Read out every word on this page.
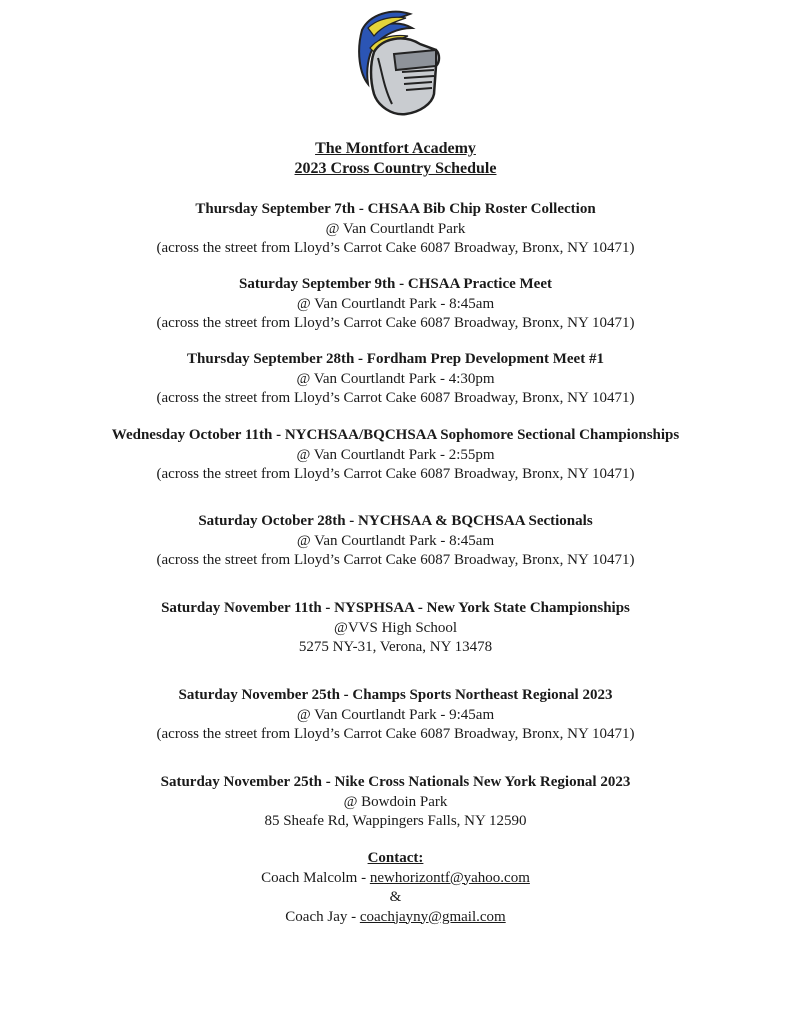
The Montfort Academy
2023 Cross Country Schedule
Thursday September 7th - CHSAA Bib Chip Roster Collection
@ Van Courtlandt Park
(across the street from Lloyd’s Carrot Cake 6087 Broadway, Bronx, NY 10471)
Saturday September 9th - CHSAA Practice Meet
@ Van Courtlandt Park - 8:45am
(across the street from Lloyd’s Carrot Cake 6087 Broadway, Bronx, NY 10471)
Thursday September 28th - Fordham Prep Development Meet #1
@ Van Courtlandt Park - 4:30pm
(across the street from Lloyd’s Carrot Cake 6087 Broadway, Bronx, NY 10471)
Wednesday October 11th - NYCHSAA/BQCHSAA Sophomore Sectional Championships
@ Van Courtlandt Park - 2:55pm
(across the street from Lloyd’s Carrot Cake 6087 Broadway, Bronx, NY 10471)
Saturday October 28th - NYCHSAA & BQCHSAA Sectionals
@ Van Courtlandt Park - 8:45am
(across the street from Lloyd’s Carrot Cake 6087 Broadway, Bronx, NY 10471)
Saturday November 11th - NYSPHSAA - New York State Championships
@VVS High School
5275 NY-31, Verona, NY 13478
Saturday November 25th - Champs Sports Northeast Regional 2023
@ Van Courtlandt Park - 9:45am
(across the street from Lloyd’s Carrot Cake 6087 Broadway, Bronx, NY 10471)
Saturday November 25th - Nike Cross Nationals New York Regional 2023
@ Bowdoin Park
85 Sheafe Rd, Wappingers Falls, NY 12590
Contact:
Coach Malcolm - newhorizontf@yahoo.com
&
Coach Jay - coachjayny@gmail.com
